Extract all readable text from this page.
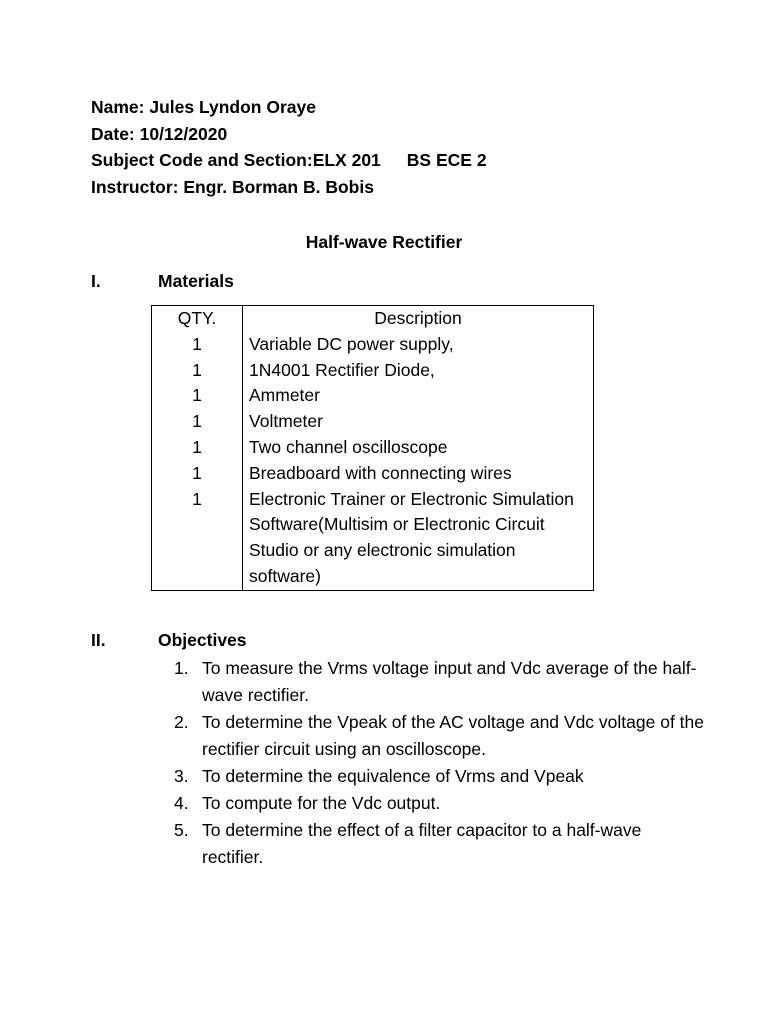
Name: Jules Lyndon Oraye
Date: 10/12/2020
Subject Code and Section:ELX 201 BS ECE 2
Instructor: Engr. Borman B. Bobis
Half-wave Rectifier
I.	Materials
QTY.	Description
1	Variable DC power supply,
1	1N4001 Rectifier Diode,
1	Ammeter
1	Voltmeter
1	Two channel oscilloscope
1	Breadboard with connecting wires
1	Electronic Trainer or Electronic Simulation Software(Multisim or Electronic Circuit Studio or any electronic simulation software)
II.	Objectives
1. To measure the Vrms voltage input and Vdc average of the half-wave rectifier.
2. To determine the Vpeak of the AC voltage and Vdc voltage of the rectifier circuit using an oscilloscope.
3. To determine the equivalence of Vrms and Vpeak
4. To compute for the Vdc output.
5. To determine the effect of a filter capacitor to a half-wave rectifier.
